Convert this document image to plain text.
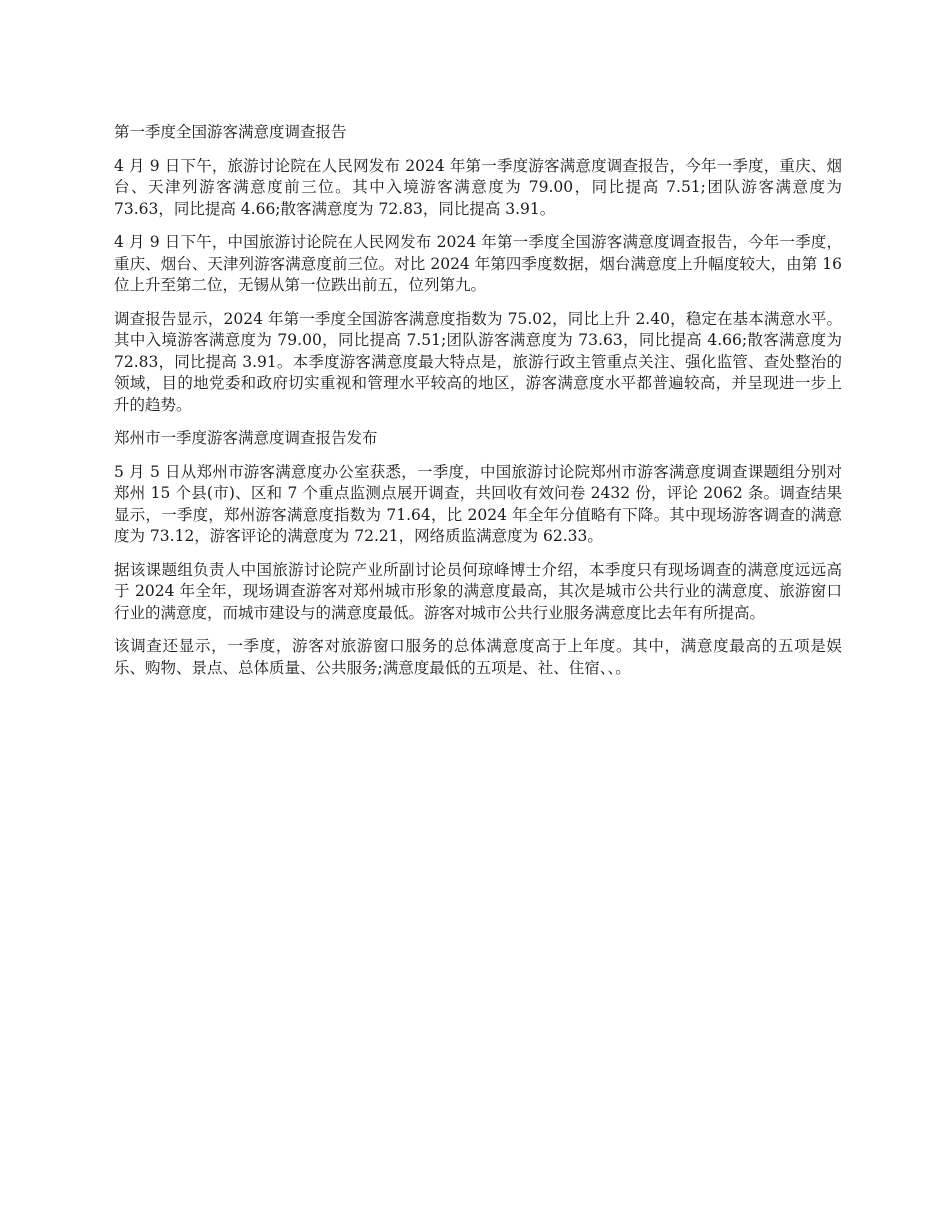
第一季度全国游客满意度调查报告

4 月 9 日下午，旅游讨论院在人民网发布 2024 年第一季度游客满意度调查报告，今年一季度，重庆、烟台、天津列游客满意度前三位。其中入境游客满意度为 79.00，同比提高 7.51;团队游客满意度为 73.63，同比提高 4.66;散客满意度为 72.83，同比提高 3.91。

4 月 9 日下午，中国旅游讨论院在人民网发布 2024 年第一季度全国游客满意度调查报告，今年一季度，重庆、烟台、天津列游客满意度前三位。对比 2024 年第四季度数据，烟台满意度上升幅度较大，由第 16 位上升至第二位，无锡从第一位跌出前五，位列第九。

调查报告显示，2024 年第一季度全国游客满意度指数为 75.02，同比上升 2.40，稳定在基本满意水平。其中入境游客满意度为 79.00，同比提高 7.51;团队游客满意度为 73.63，同比提高 4.66;散客满意度为 72.83，同比提高 3.91。本季度游客满意度最大特点是，旅游行政主管重点关注、强化监管、查处整治的领域，目的地党委和政府切实重视和管理水平较高的地区，游客满意度水平都普遍较高，并呈现进一步上升的趋势。

郑州市一季度游客满意度调查报告发布

5 月 5 日从郑州市游客满意度办公室获悉，一季度，中国旅游讨论院郑州市游客满意度调查课题组分别对郑州 15 个县(市)、区和 7 个重点监测点展开调查，共回收有效问卷 2432 份，评论 2062 条。调查结果显示，一季度，郑州游客满意度指数为 71.64，比 2024 年全年分值略有下降。其中现场游客调查的满意度为 73.12，游客评论的满意度为 72.21，网络质监满意度为 62.33。

据该课题组负责人中国旅游讨论院产业所副讨论员何琼峰博士介绍，本季度只有现场调查的满意度远远高于 2024 年全年，现场调查游客对郑州城市形象的满意度最高，其次是城市公共行业的满意度、旅游窗口行业的满意度，而城市建设与的满意度最低。游客对城市公共行业服务满意度比去年有所提高。

该调查还显示，一季度，游客对旅游窗口服务的总体满意度高于上年度。其中，满意度最高的五项是娱乐、购物、景点、总体质量、公共服务;满意度最低的五项是、社、住宿、、。
